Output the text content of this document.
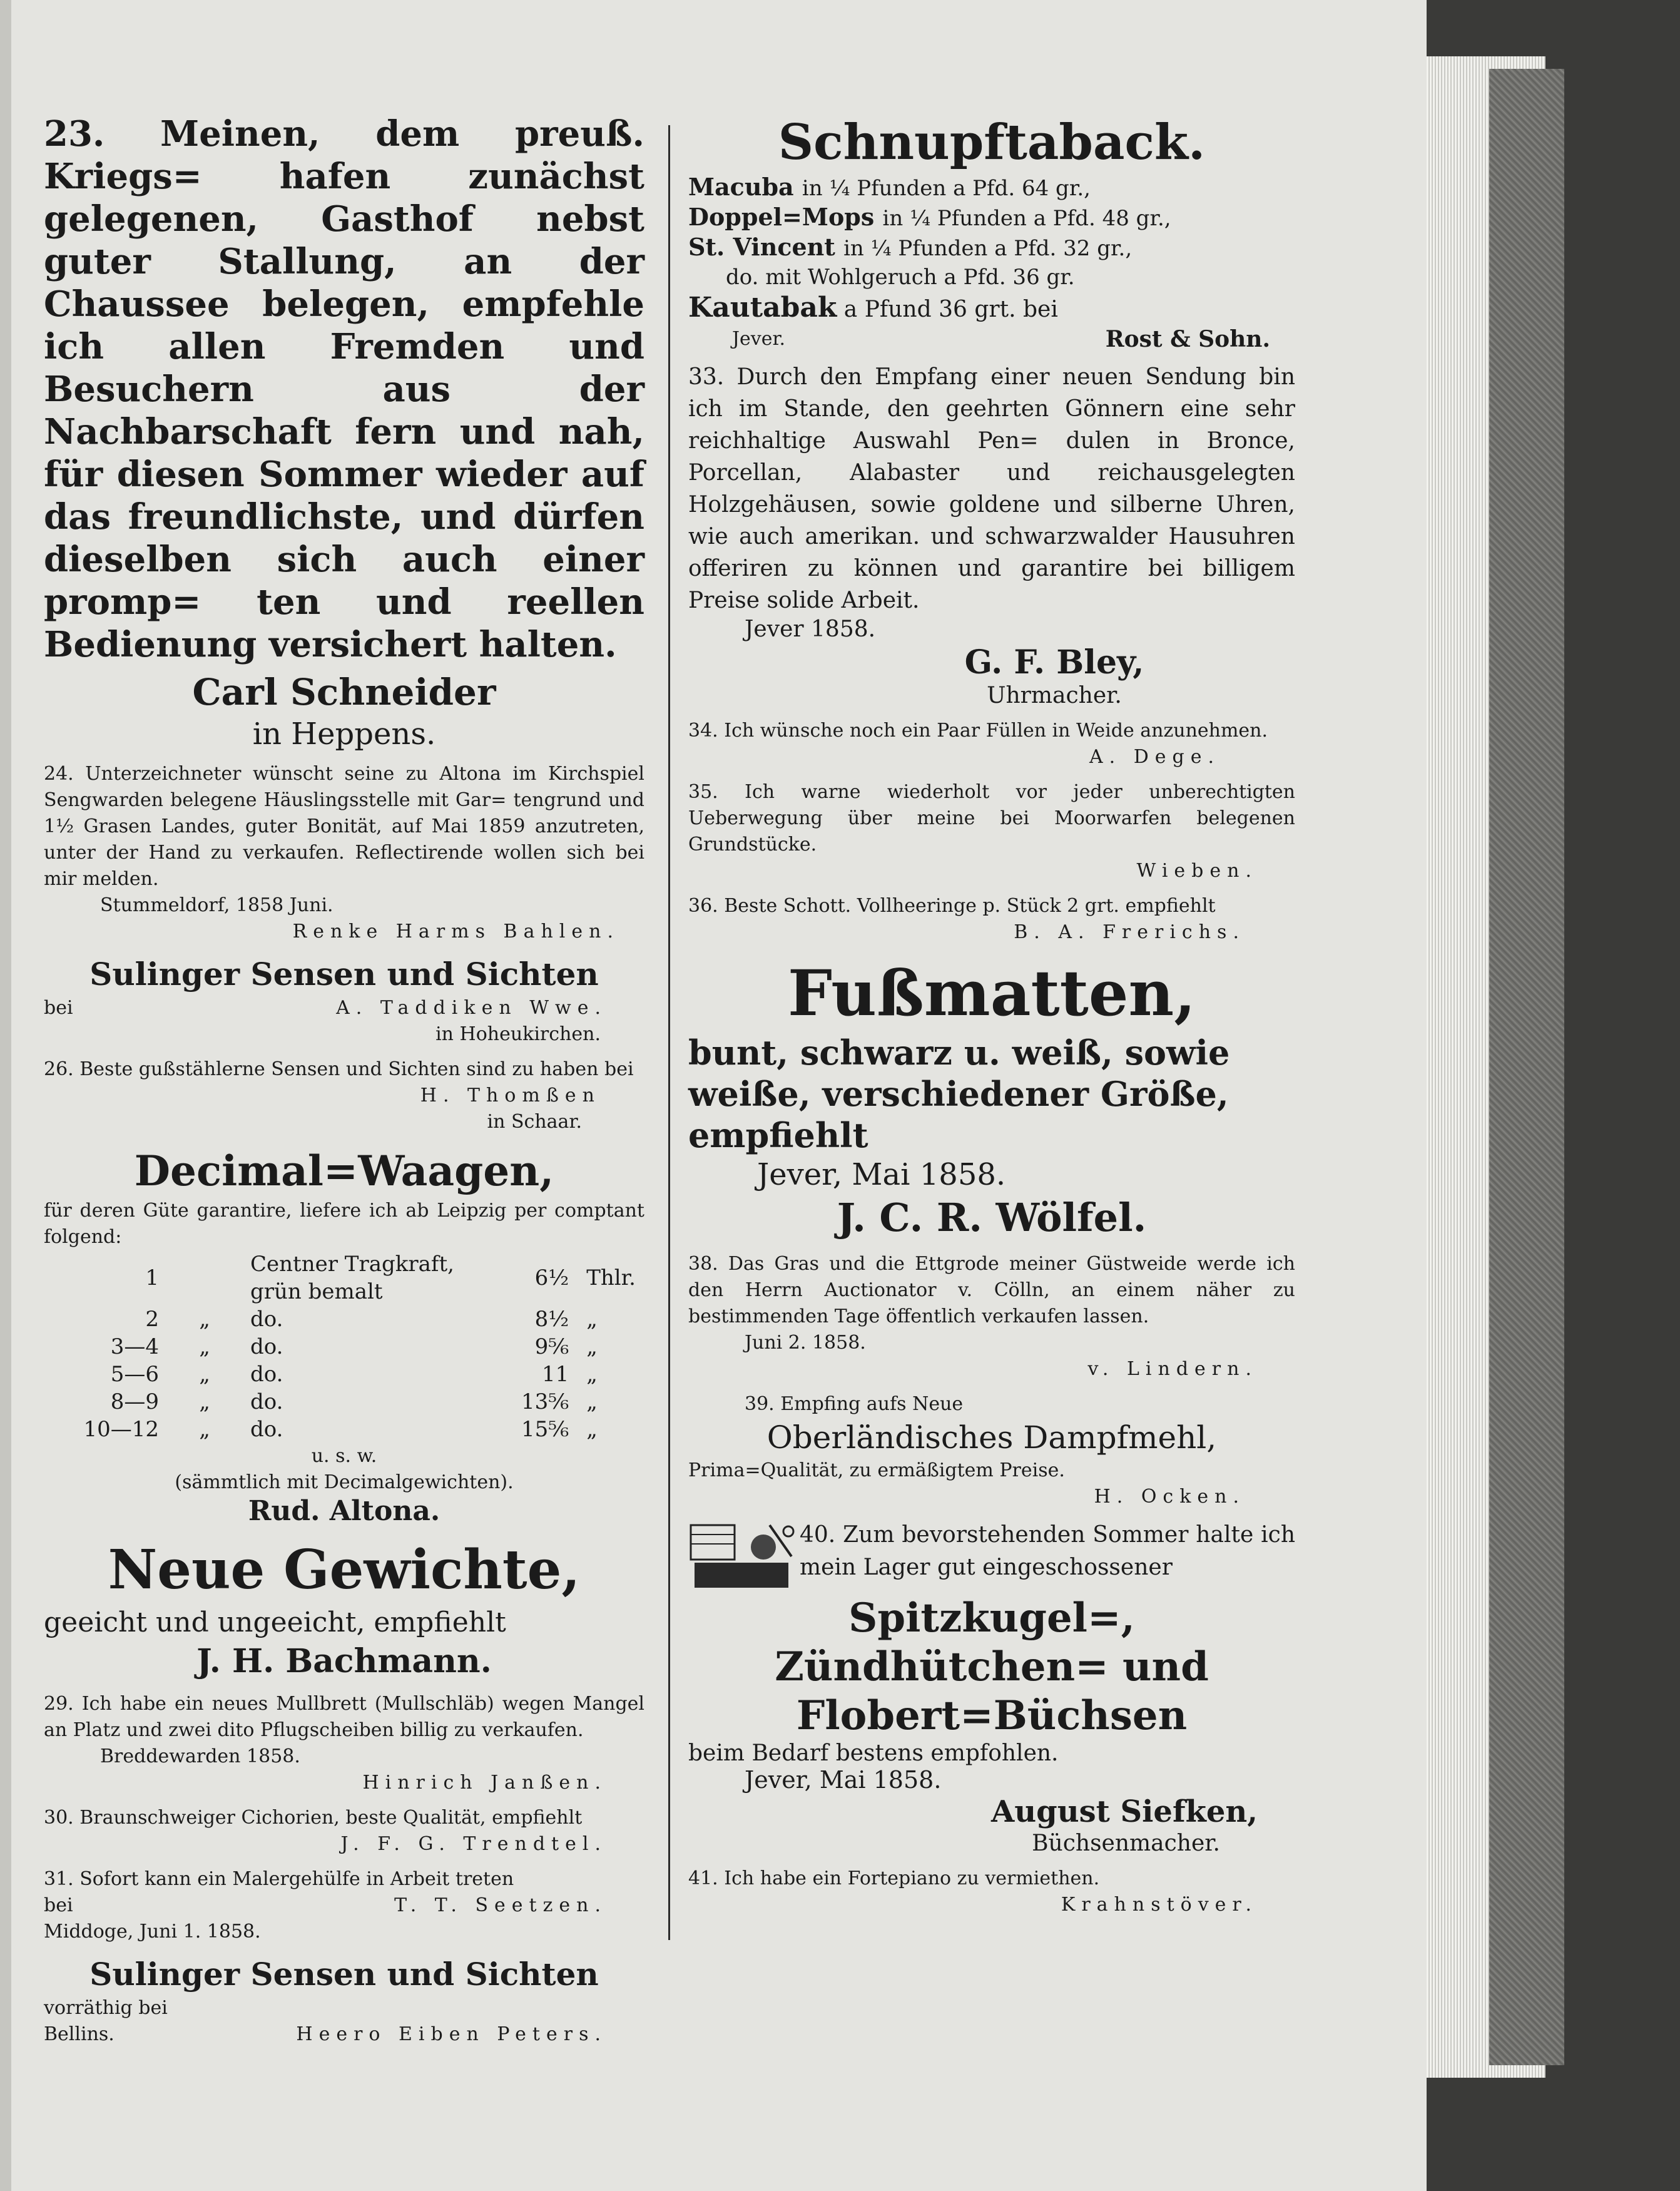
23. Meinen, dem preuß. Kriegs= hafen zunächst gelegenen, Gasthof nebst guter Stallung, an der Chaussee belegen, empfehle ich allen Fremden und Besuchern aus der Nachbarschaft fern und nah, für diesen Sommer wieder auf das freundlichste, und dürfen dieselben sich auch einer promp= ten und reellen Bedienung versichert halten.

Carl Schneider

in Heppens.

24. Unterzeichneter wünscht seine zu Altona im Kirchspiel Sengwarden belegene Häuslingsstelle mit Gar= tengrund und 1½ Grasen Landes, guter Bonität, auf Mai 1859 anzutreten, unter der Hand zu verkaufen. Reflectirende wollen sich bei mir melden.

Stummeldorf, 1858 Juni.

Renke Harms Bahlen.

Sulinger Sensen und Sichten

bei	A. Taddiken Wwe.

in Hoheukirchen.

26. Beste gußstählerne Sensen und Sichten sind zu haben bei

H. Thomßen

in Schaar.

Decimal=Waagen,

für deren Güte garantire, liefere ich ab Leipzig per comptant folgend:

1		Centner Tragkraft, grün bemalt	6½	Thlr.
2	„	do.	8½	„
3—4	„	do.	9⅚	„
5—6	„	do.	11	„
8—9	„	do.	13⅚	„
10—12	„	do.	15⅚	„

u. s. w.

(sämmtlich mit Decimalgewichten).

Rud. Altona.

Neue Gewichte,

geeicht und ungeeicht, empfiehlt

J. H. Bachmann.

29. Ich habe ein neues Mullbrett (Mullschläb) wegen Mangel an Platz und zwei dito Pflugscheiben billig zu verkaufen.

Breddewarden 1858.

Hinrich Janßen.

30. Braunschweiger Cichorien, beste Qualität, empfiehlt

J. F. G. Trendtel.

31. Sofort kann ein Malergehülfe in Arbeit treten

bei	T. T. Seetzen.

Middoge, Juni 1. 1858.

Sulinger Sensen und Sichten

vorräthig bei

Bellins.	Heero Eiben Peters.

Schnupftaback.

Macuba in ¼ Pfunden a Pfd. 64 gr.,

Doppel=Mops in ¼ Pfunden a Pfd. 48 gr.,

St. Vincent in ¼ Pfunden a Pfd. 32 gr.,

do. mit Wohlgeruch a Pfd. 36 gr.

Kautabak a Pfund 36 grt. bei

Jever.	Rost & Sohn.

33. Durch den Empfang einer neuen Sendung bin ich im Stande, den geehrten Gönnern eine sehr reichhaltige Auswahl Pen= dulen in Bronce, Porcellan, Alabaster und reichausgelegten Holzgehäusen, sowie goldene und silberne Uhren, wie auch amerikan. und schwarzwalder Hausuhren offeriren zu können und garantire bei billigem Preise solide Arbeit.

Jever 1858.

G. F. Bley,

Uhrmacher.

34. Ich wünsche noch ein Paar Füllen in Weide anzunehmen.

A. Dege.

35. Ich warne wiederholt vor jeder unberechtigten Ueberwegung über meine bei Moorwarfen belegenen Grundstücke.

Wieben.

36. Beste Schott. Vollheeringe p. Stück 2 grt. empfiehlt

B. A. Frerichs.

Fußmatten,

bunt, schwarz u. weiß, sowie weiße, verschiedener Größe, empfiehlt

Jever, Mai 1858.

J. C. R. Wölfel.

38. Das Gras und die Ettgrode meiner Güstweide werde ich den Herrn Auctionator v. Cölln, an einem näher zu bestimmenden Tage öffentlich verkaufen lassen.

Juni 2. 1858.

v. Lindern.

39. Empfing aufs Neue

Oberländisches Dampfmehl,

Prima=Qualität, zu ermäßigtem Preise.

H. Ocken.

40. Zum bevorstehenden Sommer halte ich mein Lager gut eingeschossener

Spitzkugel=, Zündhütchen= und Flobert=Büchsen

beim Bedarf bestens empfohlen.

Jever, Mai 1858.

August Siefken,

Büchsenmacher.

41. Ich habe ein Fortepiano zu vermiethen.

Krahnstöver.
